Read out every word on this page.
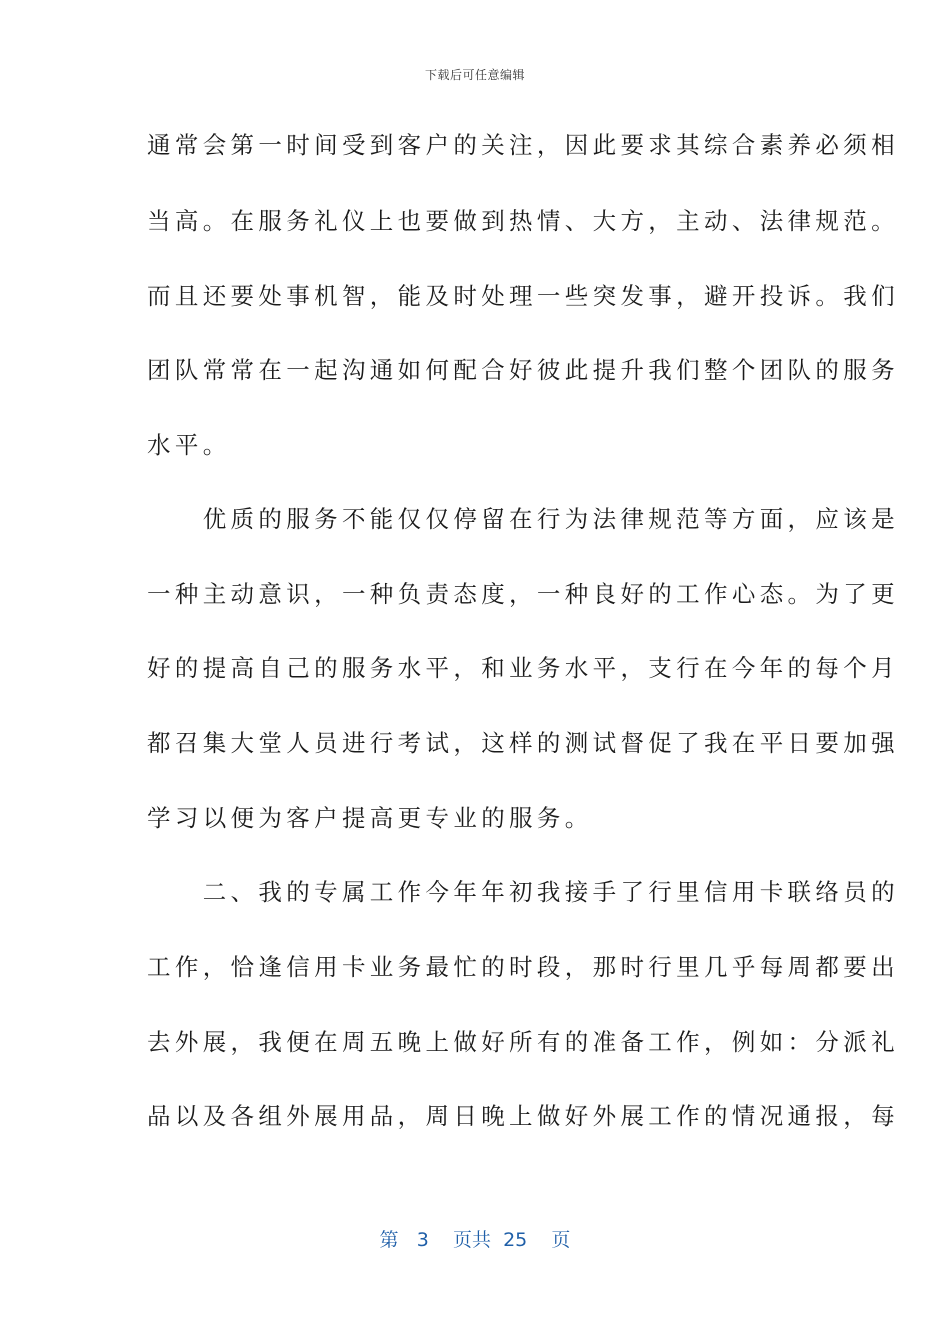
下载后可任意编辑
通常会第一时间受到客户的关注，因此要求其综合素养必须相
当高。在服务礼仪上也要做到热情、大方，主动、法律规范。
而且还要处事机智，能及时处理一些突发事，避开投诉。我们
团队常常在一起沟通如何配合好彼此提升我们整个团队的服务
水平。
　　优质的服务不能仅仅停留在行为法律规范等方面，应该是
一种主动意识，一种负责态度，一种良好的工作心态。为了更
好的提高自己的服务水平，和业务水平，支行在今年的每个月
都召集大堂人员进行考试，这样的测试督促了我在平日要加强
学习以便为客户提高更专业的服务。
　　二、我的专属工作今年年初我接手了行里信用卡联络员的
工作，恰逢信用卡业务最忙的时段，那时行里几乎每周都要出
去外展，我便在周五晚上做好所有的准备工作，例如：分派礼
品以及各组外展用品，周日晚上做好外展工作的情况通报，每
第 3 页共 25 页
